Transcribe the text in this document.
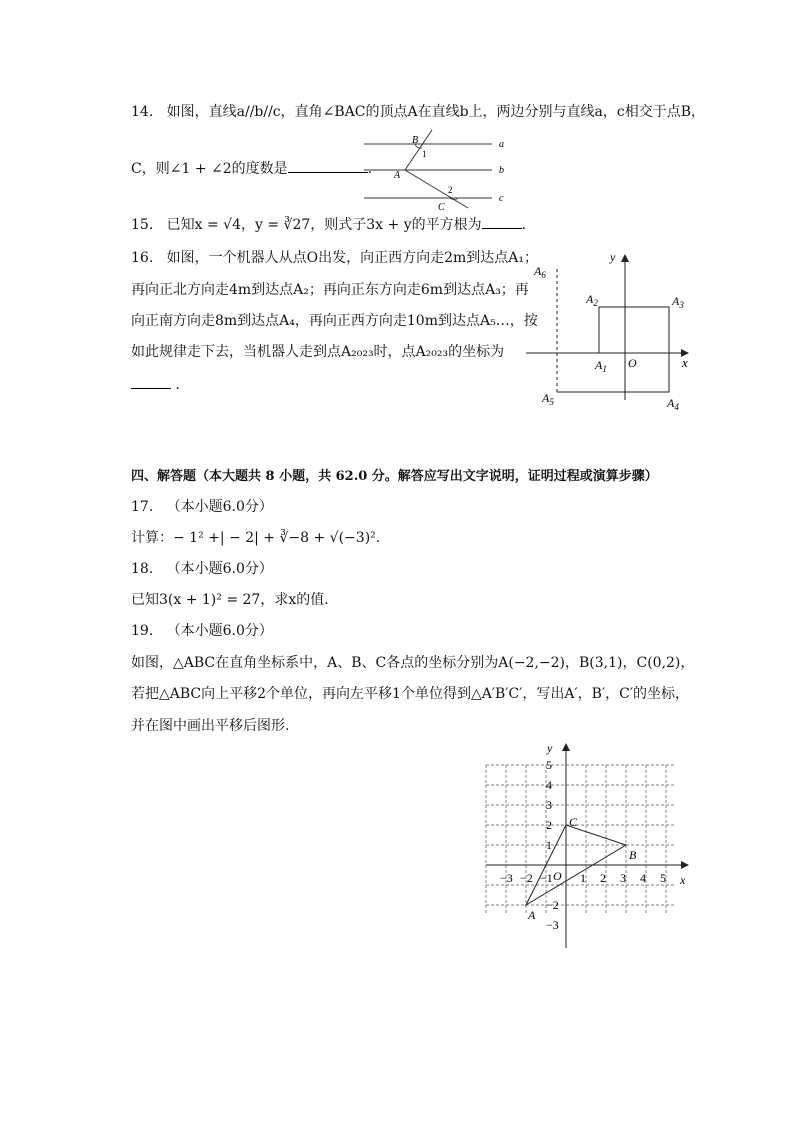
14. 如图，直线a//b//c，直角∠BAC的顶点A在直线b上，两边分别与直线a，c相交于点B，
C，则∠1 + ∠2的度数是	.
B
1
A
2
C
a
b
c
15. 已知x = √4，y = ∛27，则式子3x + y的平方根为	.
16. 如图，一个机器人从点O出发，向正西方向走2m到达点A₁；
再向正北方向走4m到达点A₂；再向正东方向走6m到达点A₃；再
向正南方向走8m到达点A₄，再向正西方向走10m到达点A₅…，按
如此规律走下去，当机器人走到点A₂₀₂₃时，点A₂₀₂₃的坐标为
.
y
x
O
$A_1$
$A_2$	$A_3$
$A_4$
$A_5$
$A_6$
四、解答题（本大题共 8 小题，共 62.0 分。解答应写出文字说明，证明过程或演算步骤）
17. （本小题6.0分）
计算：− 1² +| − 2| + ∛−8 + √(−3)².
18. （本小题6.0分）
已知3(x + 1)² = 27，求x的值.
19. （本小题6.0分）
如图，△ABC在直角坐标系中，A、B、C各点的坐标分别为A(−2,−2)，B(3,1)，C(0,2)，
若把△ABC向上平移2个单位，再向左平移1个单位得到△A′B′C′，写出A′，B′，C′的坐标，
并在图中画出平移后图形.
−3 −2 −1 1 2 3 4 5
5
4
3
2
1
−2
−3
x
y
O
A
B
C
